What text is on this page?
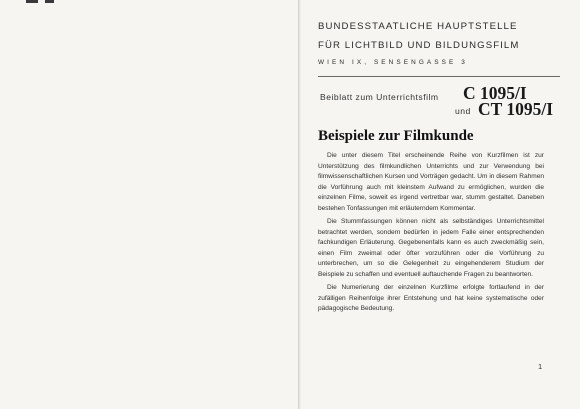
BUNDESSTAATLICHE HAUPTSTELLE
FÜR LICHTBILD UND BILDUNGSFILM
WIEN IX, SENSENGASSE 3
Beiblatt zum Unterrichtsfilm C 1095/I
und CT 1095/I
Beispiele zur Filmkunde

Die unter diesem Titel erscheinende Reihe von Kurzfilmen ist zur Unterstützung des filmkundlichen Unterrichts und zur Verwendung bei filmwissenschaftlichen Kursen und Vorträgen gedacht. Um in diesem Rahmen die Vorführung auch mit kleinstem Aufwand zu ermöglichen, wurden die einzelnen Filme, soweit es irgend vertretbar war, stumm gestaltet. Daneben bestehen Tonfassungen mit erläuterndem Kommentar.

Die Stummfassungen können nicht als selbständiges Unterrichtsmittel betrachtet werden, sondern bedürfen in jedem Falle einer entsprechenden fachkundigen Erläuterung. Gegebenenfalls kann es auch zweckmäßig sein, einen Film zweimal oder öfter vorzuführen oder die Vorführung zu unterbrechen, um so die Gelegenheit zu eingehenderem Studium der Beispiele zu schaffen und eventuell auftauchende Fragen zu beantworten.

Die Numerierung der einzelnen Kurzfilme erfolgte fortlaufend in der zufälligen Reihenfolge ihrer Entstehung und hat keine systematische oder pädagogische Bedeutung.

1
